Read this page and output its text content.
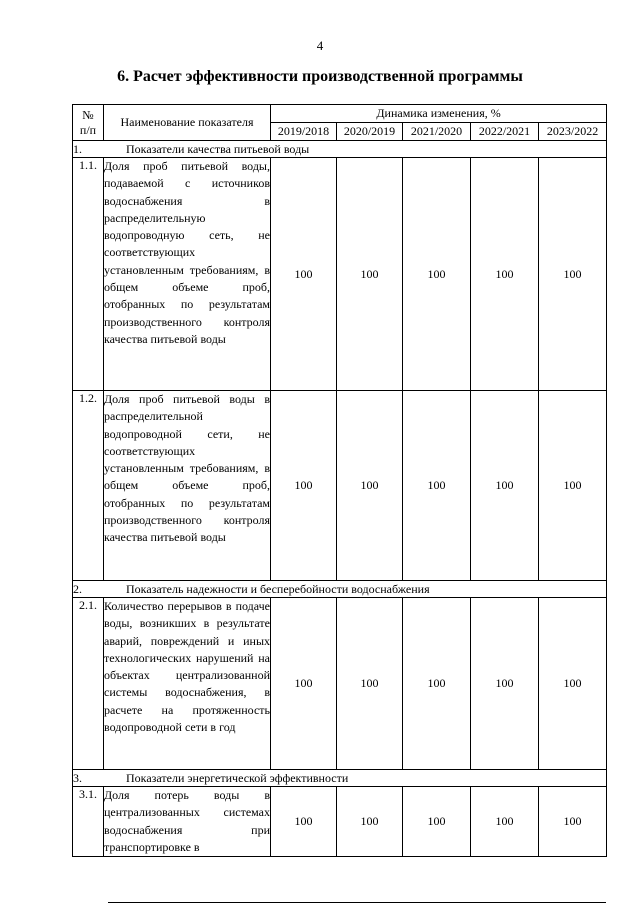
4
6. Расчет эффективности производственной программы
№
п/п	Наименование показателя	Динамика изменения, %				
		2019/2018	2020/2019	2021/2020	2022/2021	2023/2022
1. Показатели качества питьевой воды						
1.1.	Доля проб питьевой воды, подаваемой с источников водоснабжения в распределительную водопроводную сеть, не соответствующих установленным требованиям, в общем объеме проб, отобранных по результатам производственного контроля качества питьевой воды	100	100	100	100	100
1.2.	Доля проб питьевой воды в распределительной водопроводной сети, не соответствующих установленным требованиям, в общем объеме проб, отобранных по результатам производственного контроля качества питьевой воды	100	100	100	100	100
2. Показатель надежности и бесперебойности водоснабжения						
2.1.	Количество перерывов в подаче воды, возникших в результате аварий, повреждений и иных технологических нарушений на объектах централизованной системы водоснабжения, в расчете на протяженность водопроводной сети в год	100	100	100	100	100
3. Показатели энергетической эффективности						
3.1.	Доля потерь воды в централизованных системах водоснабжения при транспортировке в	100	100	100	100	100
